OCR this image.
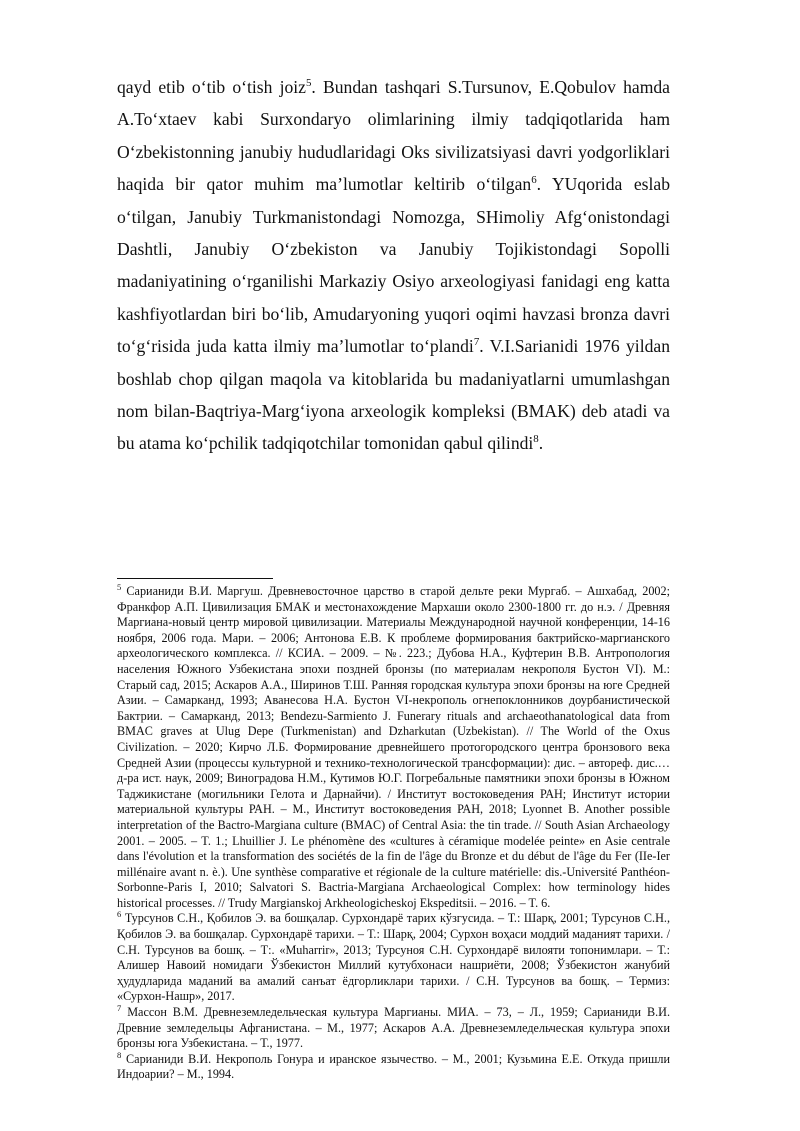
qayd etib o‘tib o‘tish joiz$^5$. Bundan tashqari S.Tursunov, E.Qobulov hamda A.To‘xtaev kabi Surxondaryo olimlarining ilmiy tadqiqotlarida ham O‘zbekistonning janubiy hududlaridagi Oks sivilizatsiyasi davri yodgorliklari haqida bir qator muhim ma’lumotlar keltirib o‘tilgan$^6$. YUqorida eslab o‘tilgan, Janubiy Turkmanistondagi Nomozga, SHimoliy Afg‘onistondagi Dashtli, Janubiy O‘zbekiston va Janubiy Tojikistondagi Sopolli madaniyatining o‘rganilishi Markaziy Osiyo arxeologiyasi fanidagi eng katta kashfiyotlardan biri bo‘lib, Amudaryoning yuqori oqimi havzasi bronza davri to‘g‘risida juda katta ilmiy ma’lumotlar to‘plandi$^7$. V.I.Sarianidi 1976 yildan boshlab chop qilgan maqola va kitoblarida bu madaniyatlarni umumlashgan nom bilan-Baqtriya-Marg‘iyona arxeologik kompleksi (BMAK) deb atadi va bu atama ko‘pchilik tadqiqotchilar tomonidan qabul qilindi$^8$.

$^5$ Сарианиди В.И. Маргуш. Древневосточное царство в старой дельте реки Мургаб. – Ашхабад, 2002; Франкфор А.П. Цивилизация БМАК и местонахождение Мархаши около 2300-1800 гг. до н.э. / Древняя Маргиана-новый центр мировой цивилизации. Материалы Международной научной конференции, 14-16 ноября, 2006 года. Мари. – 2006; Антонова Е.В. К проблеме формирования бактрийско-маргианского археологического комплекса. // КСИА. – 2009. – №. 223.; Дубова Н.А., Куфтерин В.В. Антропология населения Южного Узбекистана эпохи поздней бронзы (по материалам некрополя Бустон VI). М.: Старый сад, 2015; Аскаров А.А., Ширинов Т.Ш. Ранняя городская культура эпохи бронзы на юге Средней Азии. – Самарканд, 1993; Аванесова Н.А. Бустон VI-некрополь огнепоклонников доурбанистической Бактрии. – Самарканд, 2013; Bendezu-Sarmiento J. Funerary rituals and archaeothanatological data from BMAC graves at Ulug Depe (Turkmenistan) and Dzharkutan (Uzbekistan). // The World of the Oxus Civilization. – 2020; Кирчо Л.Б. Формирование древнейшего протогородского центра бронзового века Средней Азии (процессы культурной и технико-технологической трансформации): дис. – автореф. дис.… д-ра ист. наук, 2009; Виноградова Н.М., Кутимов Ю.Г. Погребальные памятники эпохи бронзы в Южном Таджикистане (могильники Гелота и Дарнайчи). / Институт востоковедения РАН; Институт истории материальной культуры РАН. – М., Институт востоковедения РАН, 2018; Lyonnet B. Another possible interpretation of the Bactro-Margiana culture (BMAC) of Central Asia: the tin trade. // South Asian Archaeology 2001. – 2005. – T. 1.; Lhuillier J. Le phénomène des «cultures à céramique modelée peinte» en Asie centrale dans l'évolution et la transformation des sociétés de la fin de l'âge du Bronze et du début de l'âge du Fer (IIe-Ier millénaire avant n. è.). Une synthèse comparative et régionale de la culture matérielle: dis.-Université Panthéon-Sorbonne-Paris I, 2010; Salvatori S. Bactria-Margiana Archaeological Complex: how terminology hides historical processes. // Trudy Margianskoj Arkheologicheskoj Ekspeditsii. – 2016. – T. 6.

$^6$ Турсунов С.Н., Қобилов Э. ва бошқалар. Сурхондарё тарих кўзгусида. – Т.: Шарқ, 2001; Турсунов С.Н., Қобилов Э. ва бошқалар. Сурхондарё тарихи. – Т.: Шарқ, 2004; Сурхон воҳаси моддий маданият тарихи. / С.Н. Турсунов ва бошқ. – Т:. «Muharrir», 2013; Турсуноя С.Н. Сурхондарё вилояти топонимлари. – Т.: Алишер Навоий номидаги Ўзбекистон Миллий кутубхонаси нашриёти, 2008; Ўзбекистон жанубий ҳудудларида маданий ва амалий санъат ёдгорликлари тарихи. / С.Н. Турсунов ва бошқ. – Термиз: «Сурхон-Нашр», 2017.

$^7$ Массон В.М. Древнеземледельческая культура Маргианы. МИА. – 73, – Л., 1959; Сарианиди В.И. Древние земледельцы Афганистана. – М., 1977; Аскаров А.А. Древнеземледельческая культура эпохи бронзы юга Узбекистана. – Т., 1977.

$^8$ Сарианиди В.И. Некрополь Гонура и иранское язычество. – М., 2001; Кузьмина Е.Е. Откуда пришли Индоарии? – М., 1994.
